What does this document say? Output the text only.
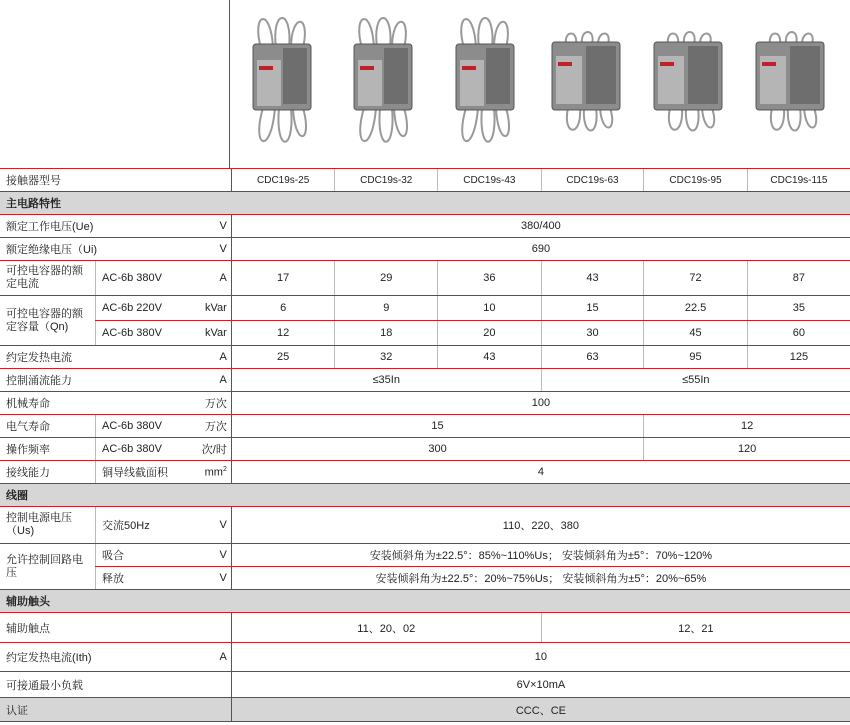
接触器型号			CDC19s-25	CDC19s-32	CDC19s-43	CDC19s-63	CDC19s-95	CDC19s-115
主电路特性								
额定工作电压(Ue)		V	380/400					
额定绝缘电压（Ui)		V	690					
可控电容器的额定电流	AC-6b 380V	A	17	29	36	43	72	87
可控电容器的额定容量（Qn)	AC-6b 220V	kVar	6	9	10	15	22.5	35
	AC-6b 380V	kVar	12	18	20	30	45	60
约定发热电流		A	25	32	43	63	95	125
控制涌流能力		A	≤35In			≤55In		
机械寿命		万次	100					
电气寿命	AC-6b 380V	万次	15				12	
操作频率	AC-6b 380V	次/时	300				120	
接线能力	铜导线截面积	$mm^2$	4					
线圈								
控制电源电压（Us)	交流50Hz	V	110、220、380					
允许控制回路电压	吸合	V	安装倾斜角为±22.5°：85%~110%Us； 安装倾斜角为±5°：70%~120%					
	释放	V	安装倾斜角为±22.5°：20%~75%Us； 安装倾斜角为±5°：20%~65%					
辅助触头								
辅助触点			11、20、02			12、21		
约定发热电流(Ith)		A	10					
可接通最小负载			6V×10mA					
认证			CCC、CE					
